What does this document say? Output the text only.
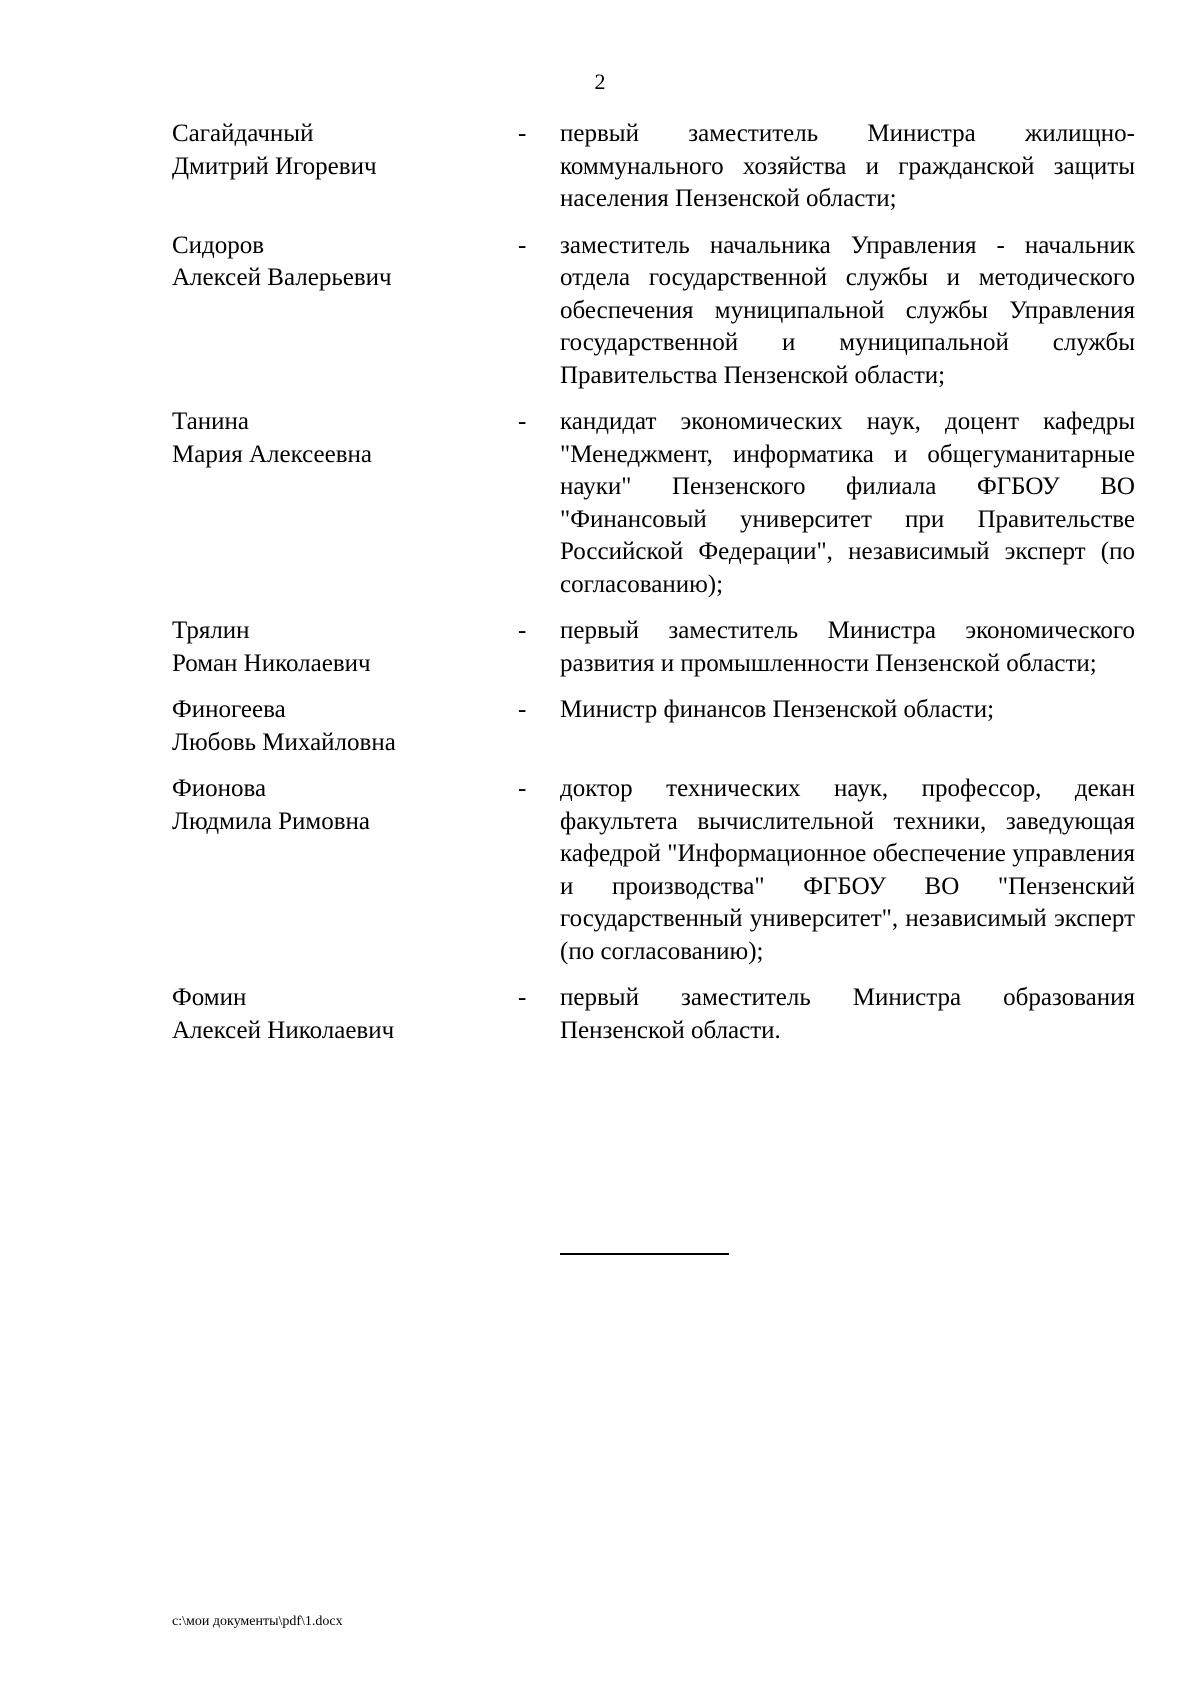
2
Сагайдачный
Дмитрий Игоревич
-	первый заместитель Министра жилищно-коммунального хозяйства и гражданской защиты населения Пензенской области;
Сидоров
Алексей Валерьевич
-	заместитель начальника Управления - начальник отдела государственной службы и методического обеспечения муниципальной службы Управления государственной и муниципальной службы Правительства Пензенской области;
Танина
Мария Алексеевна
-	кандидат экономических наук, доцент кафедры "Менеджмент, информатика и общегуманитарные науки" Пензенского филиала ФГБОУ ВО "Финансовый университет при Правительстве Российской Федерации", независимый эксперт (по согласованию);
Трялин
Роман Николаевич
-	первый заместитель Министра экономического развития и промышленности Пензенской области;
Финогеева
Любовь Михайловна
-	Министр финансов Пензенской области;
Фионова
Людмила Римовна
-	доктор технических наук, профессор, декан факультета вычислительной техники, заведующая кафедрой "Информационное обеспечение управления и производства" ФГБОУ ВО "Пензенский государственный университет", независимый эксперт (по согласованию);
Фомин
Алексей Николаевич
-	первый заместитель Министра образования Пензенской области.
c:\мои документы\pdf\1.docx
